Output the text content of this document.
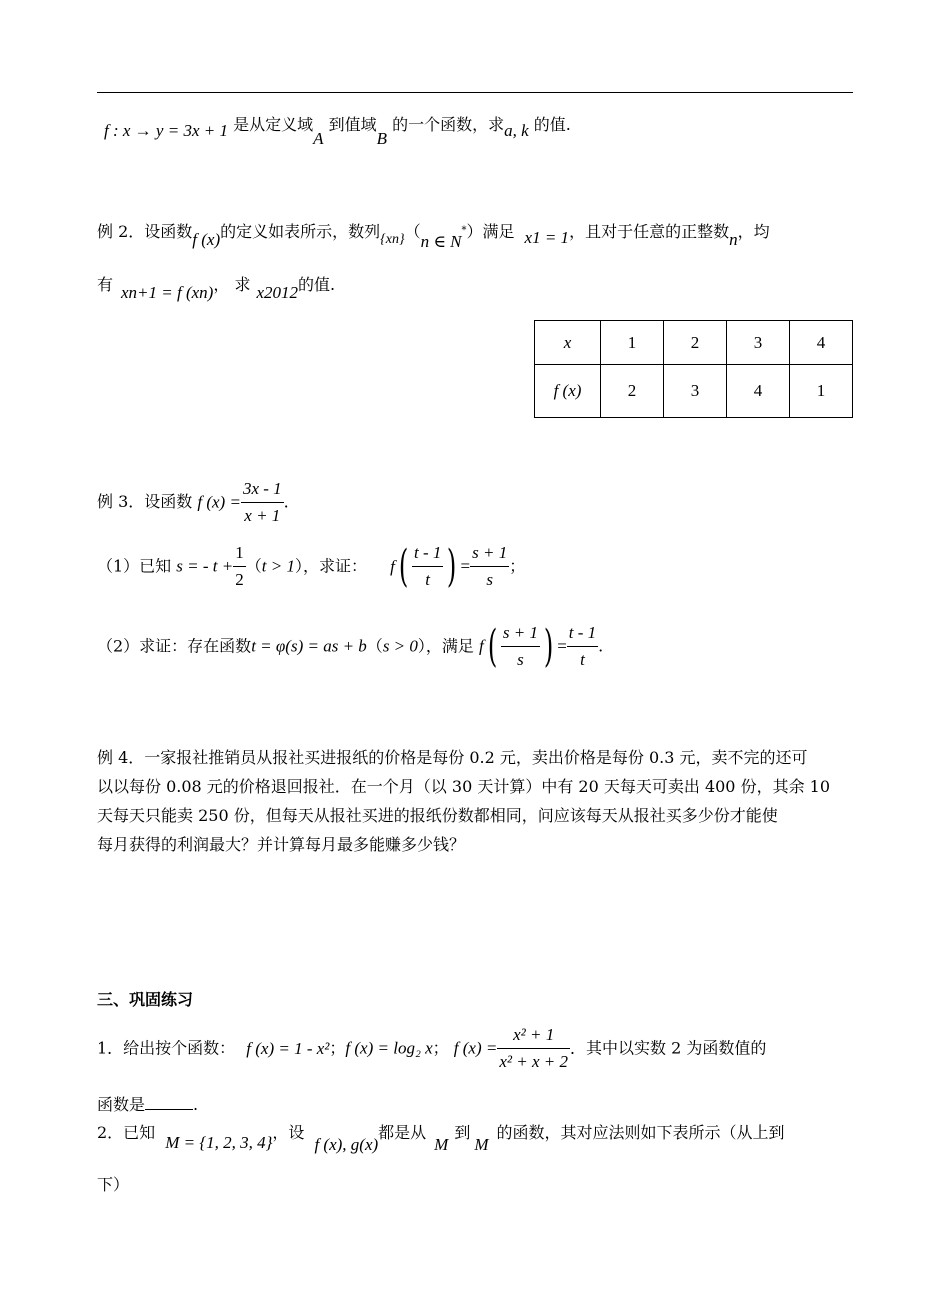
f : x → y = 3x + 1 是从定义域A 到值域B 的一个函数，求a, k 的值.
例 2．设函数f (x)的定义如表所示，数列{xn}（n ∈ N*）满足 x1 = 1，且对于任意的正整数n，均
有 xn+1 = f (xn)， 求 x2012的值.
x	1	2	3	4
f (x)	2	3	4	1
例 3．设函数 f $(x) = \frac{3x - 1}{x + 1}$ .
（1）已知 s = - $t + \frac{1}{2} (t > 1)$，求证： $f( \frac{t - 1}{t}$ ) = $\frac{s + 1}{s}$ ；
（2）求证：存在函数t = φ(s) = as + b（s > 0），满足 $f( \frac{s + 1}{s}$ ) = $\frac{t - 1}{t}$ .
例 4．一家报社推销员从报社买进报纸的价格是每份 0.2 元，卖出价格是每份 0.3 元，卖不完的还可
以以每份 0.08 元的价格退回报社．在一个月（以 30 天计算）中有 20 天每天可卖出 400 份，其余 10
天每天只能卖 250 份，但每天从报社买进的报纸份数都相同，问应该每天从报社买多少份才能使
每月获得的利润最大？并计算每月最多能赚多少钱？
三、巩固练习
1．给出按个函数： f (x) = 1 - x²；f (x) = log₂ x； f $(x) = \frac{\text{x² + 1}}{\text{x² + x + 2}}$ ．其中以实数 2 为函数值的
函数是	.
2．已知M = {1, 2, 3, 4}，设f (x), g(x)都是从M到M的函数，其对应法则如下表所示（从上到
下）
